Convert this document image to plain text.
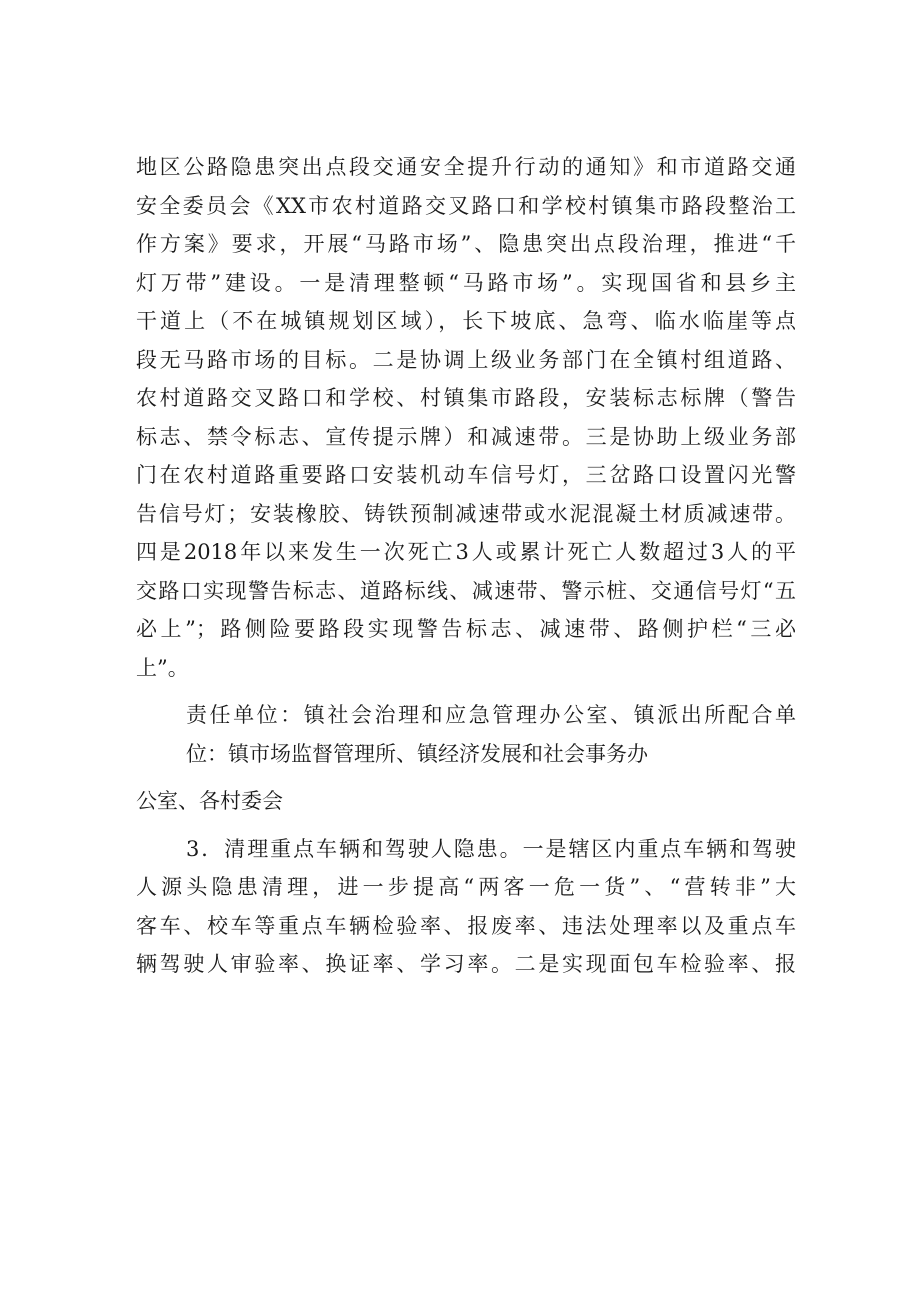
地区公路隐患突出点段交通安全提升行动的通知》和市道路交通
安全委员会《XX市农村道路交叉路口和学校村镇集市路段整治工
作方案》要求，开展“马路市场”、隐患突出点段治理，推进“千
灯万带”建设。一是清理整顿“马路市场”。实现国省和县乡主
干道上（不在城镇规划区域），长下坡底、急弯、临水临崖等点
段无马路市场的目标。二是协调上级业务部门在全镇村组道路、
农村道路交叉路口和学校、村镇集市路段，安装标志标牌（警告
标志、禁令标志、宣传提示牌）和减速带。三是协助上级业务部
门在农村道路重要路口安装机动车信号灯，三岔路口设置闪光警
告信号灯；安装橡胶、铸铁预制减速带或水泥混凝土材质减速带。
四是2018年以来发生一次死亡3人或累计死亡人数超过3人的平
交路口实现警告标志、道路标线、减速带、警示桩、交通信号灯“五
必上”；路侧险要路段实现警告标志、减速带、路侧护栏“三必
上”。
责任单位：镇社会治理和应急管理办公室、镇派出所配合单
位：镇市场监督管理所、镇经济发展和社会事务办
公室、各村委会
3．清理重点车辆和驾驶人隐患。一是辖区内重点车辆和驾驶
人源头隐患清理，进一步提高“两客一危一货”、“营转非”大
客车、校车等重点车辆检验率、报废率、违法处理率以及重点车
辆驾驶人审验率、换证率、学习率。二是实现面包车检验率、报
